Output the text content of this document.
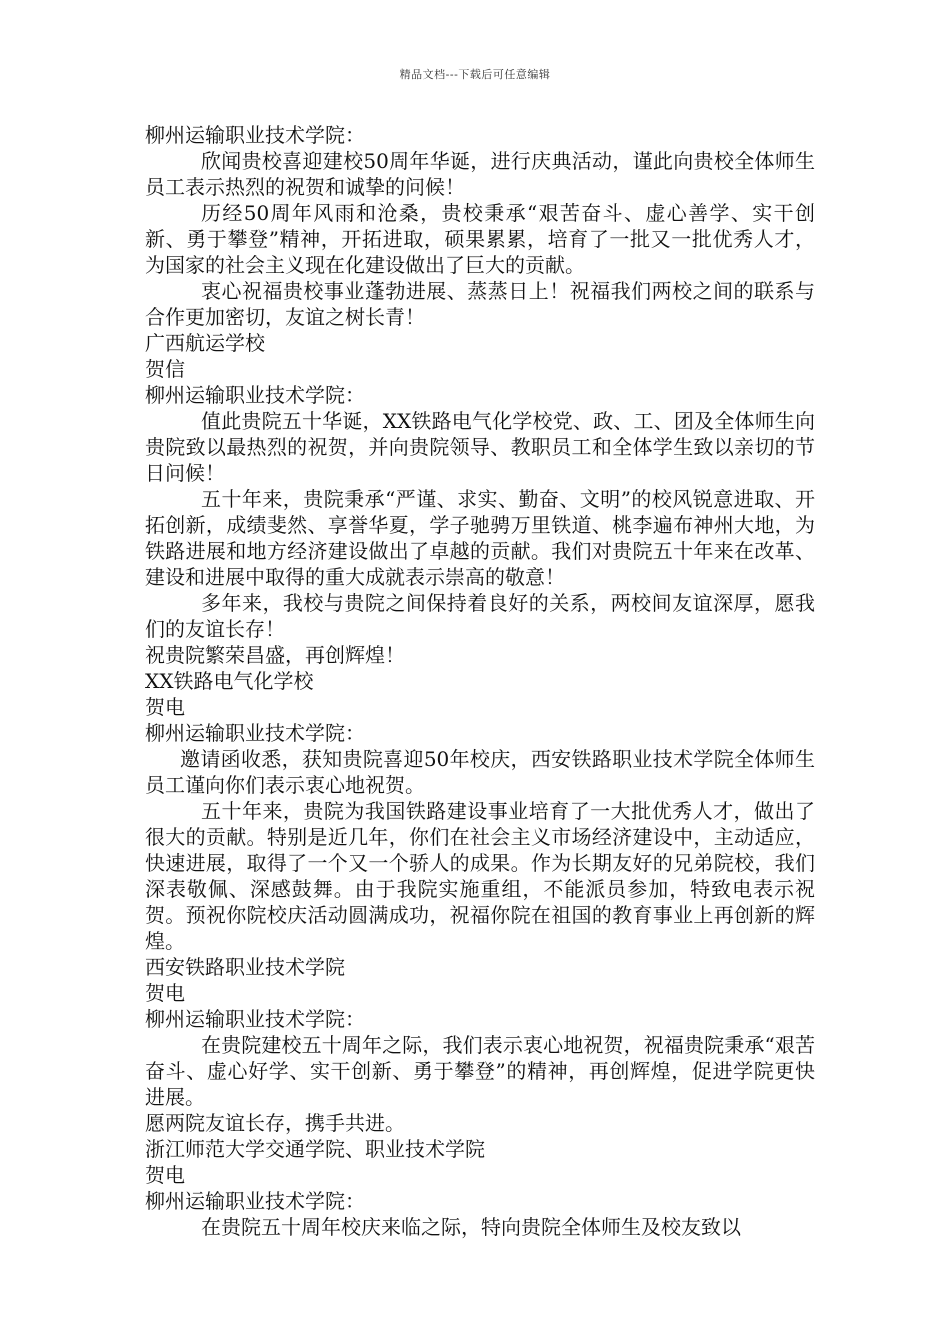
精品文档---下载后可任意编辑

柳州运输职业技术学院：

欣闻贵校喜迎建校50周年华诞，进行庆典活动，谨此向贵校全体师生员工表示热烈的祝贺和诚挚的问候！

历经50周年风雨和沧桑，贵校秉承“艰苦奋斗、虚心善学、实干创新、勇于攀登”精神，开拓进取，硕果累累，培育了一批又一批优秀人才，为国家的社会主义现在化建设做出了巨大的贡献。

衷心祝福贵校事业蓬勃进展、蒸蒸日上！祝福我们两校之间的联系与合作更加密切，友谊之树长青！

广西航运学校

贺信

柳州运输职业技术学院：

值此贵院五十华诞，XX铁路电气化学校党、政、工、团及全体师生向贵院致以最热烈的祝贺，并向贵院领导、教职员工和全体学生致以亲切的节日问候！

五十年来，贵院秉承“严谨、求实、勤奋、文明”的校风锐意进取、开拓创新，成绩斐然、享誉华夏，学子驰骋万里铁道、桃李遍布神州大地，为铁路进展和地方经济建设做出了卓越的贡献。我们对贵院五十年来在改革、建设和进展中取得的重大成就表示崇高的敬意！

多年来，我校与贵院之间保持着良好的关系，两校间友谊深厚，愿我们的友谊长存！

祝贵院繁荣昌盛，再创辉煌！

XX铁路电气化学校

贺电

柳州运输职业技术学院：

邀请函收悉，获知贵院喜迎50年校庆，西安铁路职业技术学院全体师生员工谨向你们表示衷心地祝贺。

五十年来，贵院为我国铁路建设事业培育了一大批优秀人才，做出了很大的贡献。特别是近几年，你们在社会主义市场经济建设中，主动适应，快速进展，取得了一个又一个骄人的成果。作为长期友好的兄弟院校，我们深表敬佩、深感鼓舞。由于我院实施重组，不能派员参加，特致电表示祝贺。预祝你院校庆活动圆满成功，祝福你院在祖国的教育事业上再创新的辉煌。

西安铁路职业技术学院

贺电

柳州运输职业技术学院：

在贵院建校五十周年之际，我们表示衷心地祝贺，祝福贵院秉承“艰苦奋斗、虚心好学、实干创新、勇于攀登”的精神，再创辉煌，促进学院更快进展。

愿两院友谊长存，携手共进。

浙江师范大学交通学院、职业技术学院

贺电

柳州运输职业技术学院：

在贵院五十周年校庆来临之际，特向贵院全体师生及校友致以
